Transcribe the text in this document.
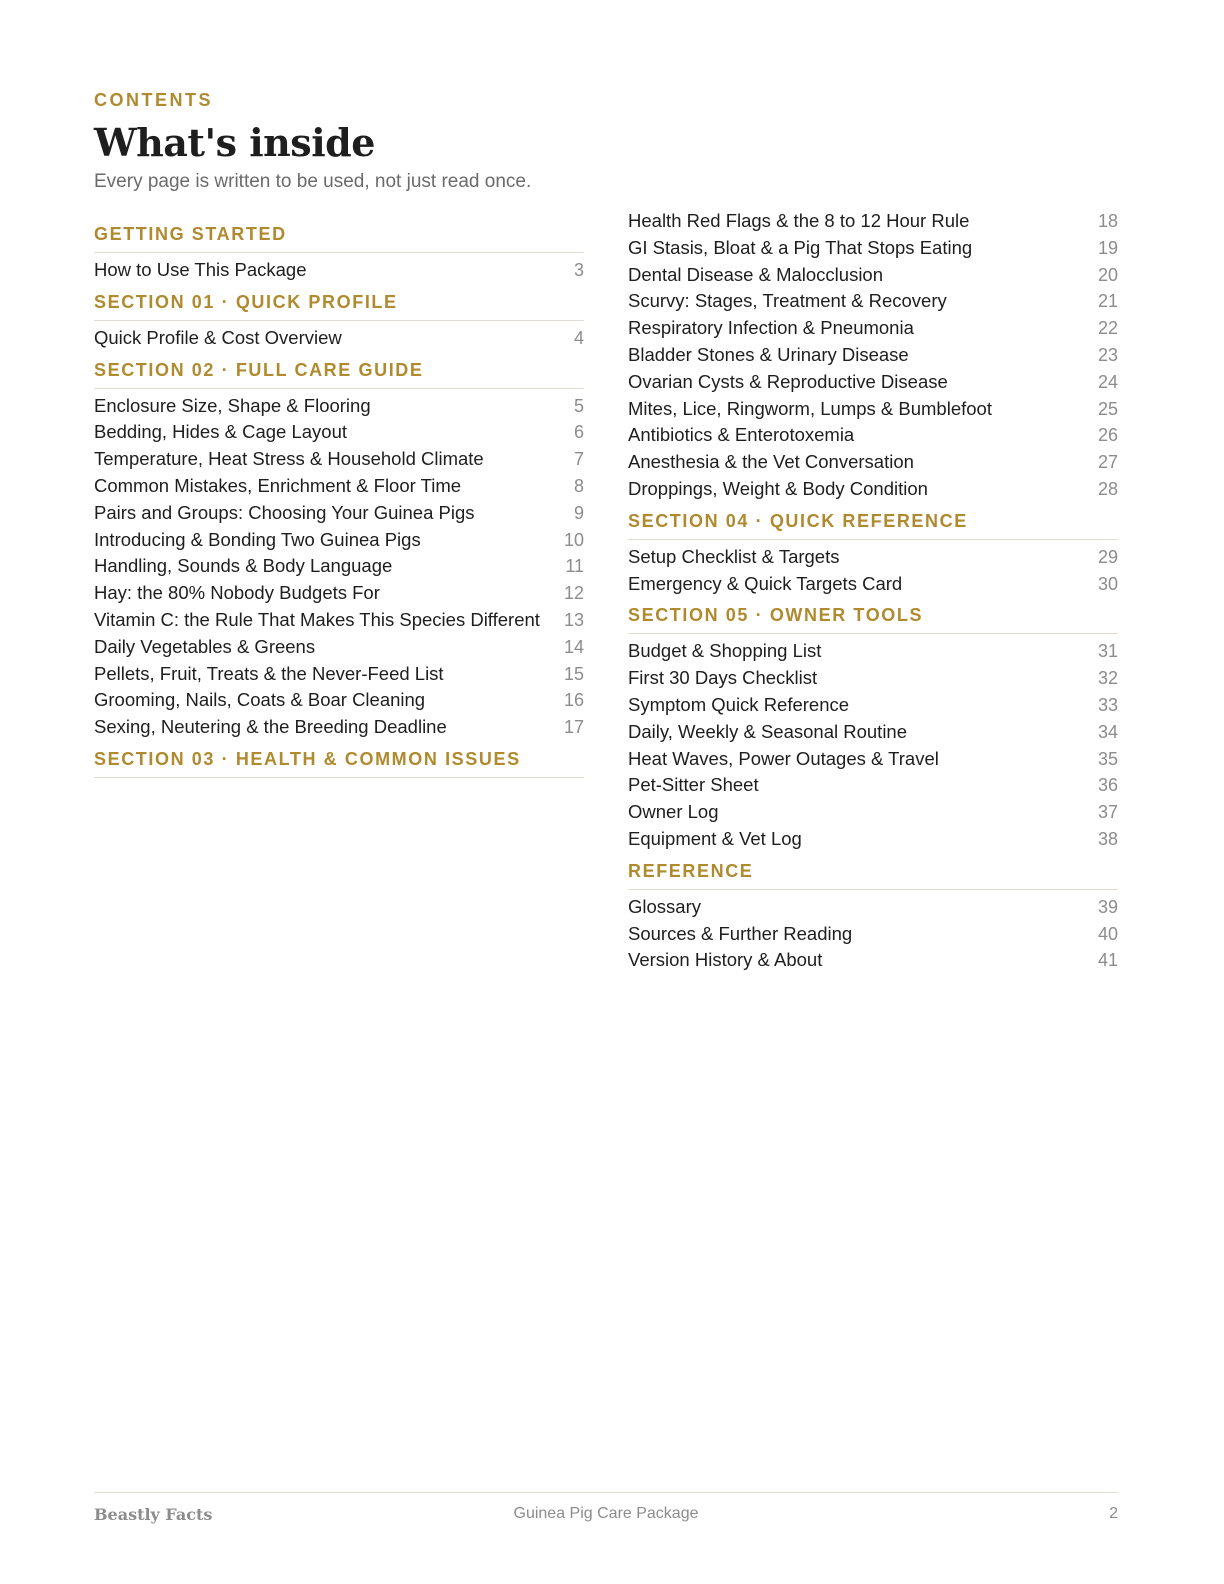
CONTENTS

What's inside

Every page is written to be used, not just read once.

GETTING STARTED
How to Use This Package	3
SECTION 01 · QUICK PROFILE
Quick Profile & Cost Overview	4
SECTION 02 · FULL CARE GUIDE
Enclosure Size, Shape & Flooring	5
Bedding, Hides & Cage Layout	6
Temperature, Heat Stress & Household Climate	7
Common Mistakes, Enrichment & Floor Time	8
Pairs and Groups: Choosing Your Guinea Pigs	9
Introducing & Bonding Two Guinea Pigs	10
Handling, Sounds & Body Language	11
Hay: the 80% Nobody Budgets For	12
Vitamin C: the Rule That Makes This Species Different 13
Daily Vegetables & Greens	14
Pellets, Fruit, Treats & the Never-Feed List	15
Grooming, Nails, Coats & Boar Cleaning	16
Sexing, Neutering & the Breeding Deadline	17
SECTION 03 · HEALTH & COMMON ISSUES
Health Red Flags & the 8 to 12 Hour Rule	18
GI Stasis, Bloat & a Pig That Stops Eating	19
Dental Disease & Malocclusion	20
Scurvy: Stages, Treatment & Recovery	21
Respiratory Infection & Pneumonia	22
Bladder Stones & Urinary Disease	23
Ovarian Cysts & Reproductive Disease	24
Mites, Lice, Ringworm, Lumps & Bumblefoot	25
Antibiotics & Enterotoxemia	26
Anesthesia & the Vet Conversation	27
Droppings, Weight & Body Condition	28
SECTION 04 · QUICK REFERENCE
Setup Checklist & Targets	29
Emergency & Quick Targets Card	30
SECTION 05 · OWNER TOOLS
Budget & Shopping List	31
First 30 Days Checklist	32
Symptom Quick Reference	33
Daily, Weekly & Seasonal Routine	34
Heat Waves, Power Outages & Travel	35
Pet-Sitter Sheet	36
Owner Log	37
Equipment & Vet Log	38
REFERENCE
Glossary	39
Sources & Further Reading	40
Version History & About	41
Beastly Facts	Guinea Pig Care Package	2
